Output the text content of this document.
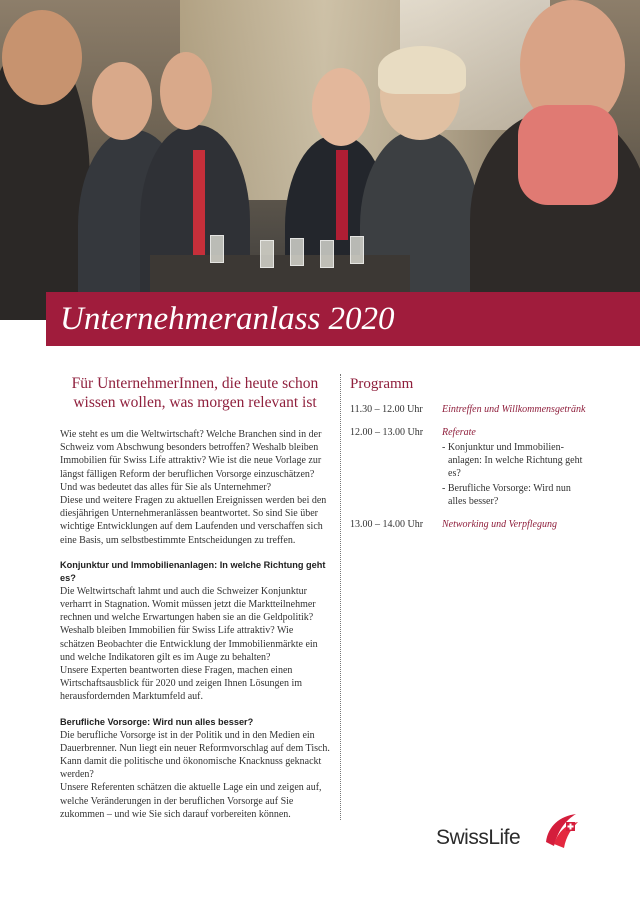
Unternehmeranlass 2020

Für UnternehmerInnen, die heute schon wissen wollen, was morgen relevant ist

Wie steht es um die Weltwirtschaft? Welche Branchen sind in der Schweiz vom Abschwung besonders betroffen? Weshalb bleiben Immobilien für Swiss Life attraktiv? Wie ist die neue Vorlage zur längst fälligen Reform der beruflichen Vorsorge einzuschätzen? Und was bedeutet das alles für Sie als Unternehmer?

Diese und weitere Fragen zu aktuellen Ereignissen werden bei den diesjährigen Unternehmeranlässen beantwortet. So sind Sie über wichtige Entwicklungen auf dem Laufenden und verschaffen sich eine Basis, um selbstbestimmte Entscheidungen zu treffen.

Konjunktur und Immobilienanlagen: In welche Richtung geht es?

Die Weltwirtschaft lahmt und auch die Schweizer Konjunktur verharrt in Stagnation. Womit müssen jetzt die Marktteilnehmer rechnen und welche Erwartungen haben sie an die Geldpolitik? Weshalb bleiben Immobilien für Swiss Life attraktiv? Wie schätzen Beobachter die Entwicklung der Immobilienmärkte ein und welche Indikatoren gilt es im Auge zu behalten?

Unsere Experten beantworten diese Fragen, machen einen Wirtschaftsausblick für 2020 und zeigen Ihnen Lösungen im herausfordernden Marktumfeld auf.

Berufliche Vorsorge: Wird nun alles besser?

Die berufliche Vorsorge ist in der Politik und in den Medien ein Dauerbrenner. Nun liegt ein neuer Reformvorschlag auf dem Tisch. Kann damit die politische und ökonomische Knacknuss geknackt werden?

Unsere Referenten schätzen die aktuelle Lage ein und zeigen auf, welche Veränderungen in der beruflichen Vorsorge auf Sie zukommen – und wie Sie sich darauf vorbereiten können.

Programm
11.30 – 12.00 Uhr Eintreffen und Willkommensgetränk
12.00 – 13.00 Uhr Referate
- Konjunktur und Immobilienanlagen: In welche Richtung geht es?
- Berufliche Vorsorge: Wird nun alles besser?
13.00 – 14.00 Uhr Networking und Verpflegung
SwissLife
